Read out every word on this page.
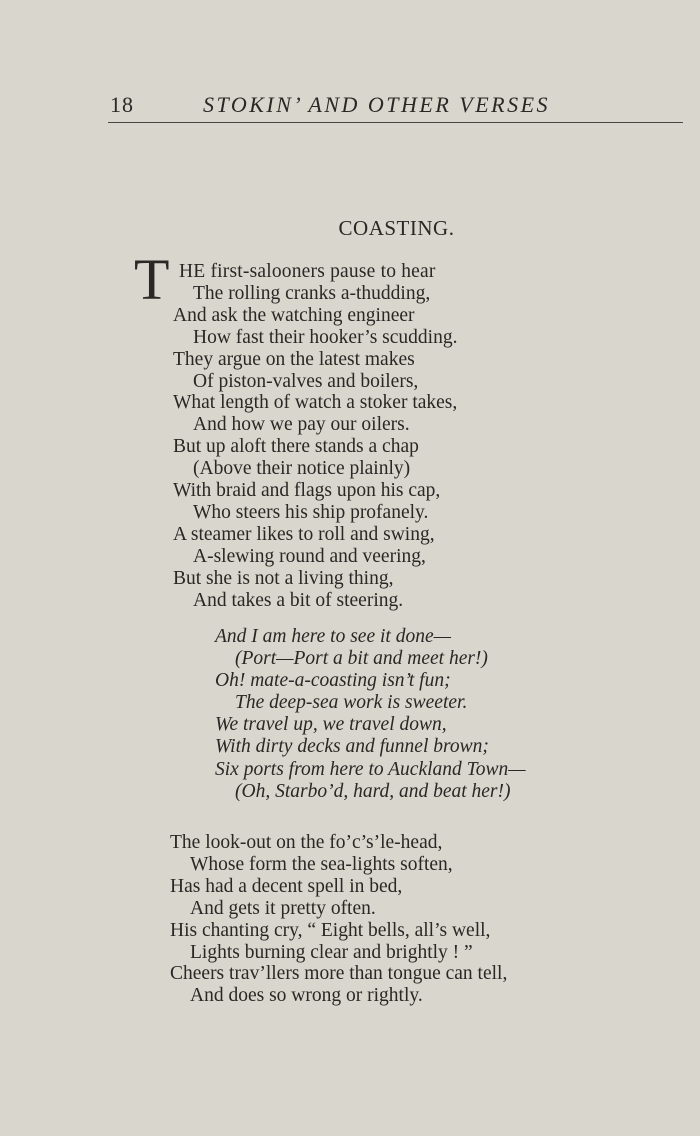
18	STOKIN’ AND OTHER VERSES
COASTING.
T HE first-salooners pause to hear
The rolling cranks a-thudding,
And ask the watching engineer
How fast their hooker’s scudding.
They argue on the latest makes
Of piston-valves and boilers,
What length of watch a stoker takes,
And how we pay our oilers.
But up aloft there stands a chap
(Above their notice plainly)
With braid and flags upon his cap,
Who steers his ship profanely.
A steamer likes to roll and swing,
A-slewing round and veering,
But she is not a living thing,
And takes a bit of steering.
And I am here to see it done—
(Port—Port a bit and meet her!)
Oh! mate-a-coasting isn’t fun;
The deep-sea work is sweeter.
We travel up, we travel down,
With dirty decks and funnel brown;
Six ports from here to Auckland Town—
(Oh, Starbo’d, hard, and beat her!)
The look-out on the fo’c’s’le-head,
Whose form the sea-lights soften,
Has had a decent spell in bed,
And gets it pretty often.
His chanting cry, “ Eight bells, all’s well,
Lights burning clear and brightly ! ”
Cheers trav’llers more than tongue can tell,
And does so wrong or rightly.
